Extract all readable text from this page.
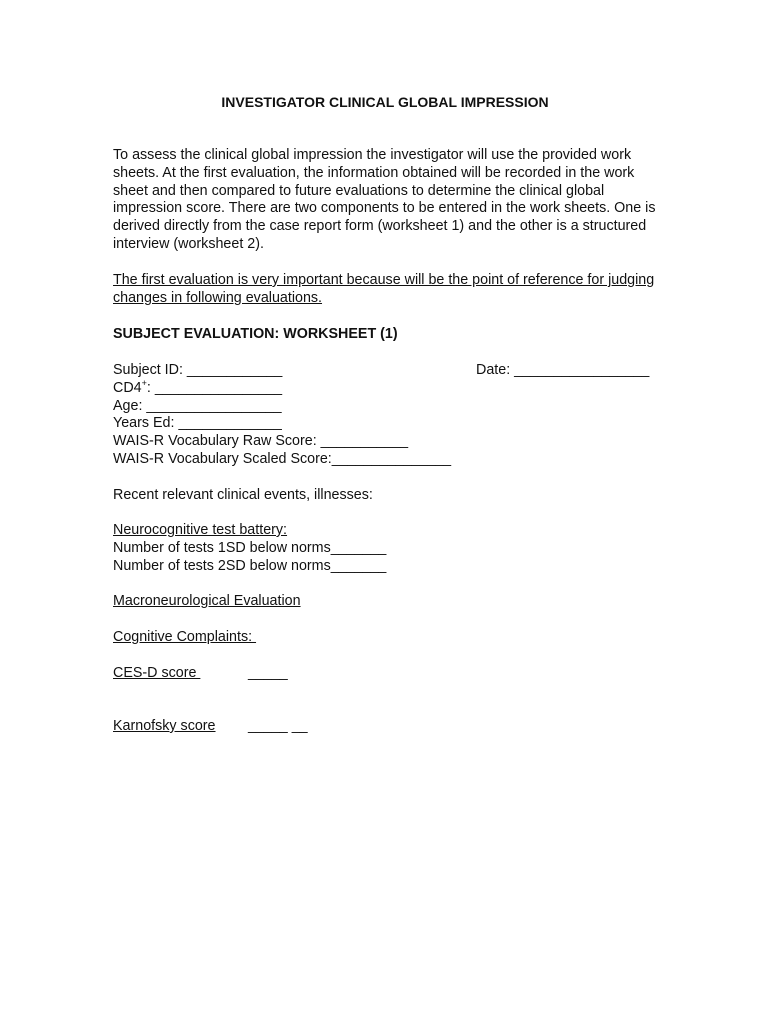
INVESTIGATOR CLINICAL GLOBAL IMPRESSION
To assess the clinical global impression the investigator will use the provided work sheets. At the first evaluation, the information obtained will be recorded in the work sheet and then compared to future evaluations to determine the clinical global impression score. There are two components to be entered in the work sheets. One is derived directly from the case report form (worksheet 1) and the other is a structured interview (worksheet 2).
The first evaluation is very important because will be the point of reference for judging changes in following evaluations.
SUBJECT EVALUATION: WORKSHEET (1)
Subject ID: ____________	Date: _________________
CD4+: ________________
Age: _________________
Years Ed: _____________
WAIS-R Vocabulary Raw Score: ___________
WAIS-R Vocabulary Scaled Score:_______________
Recent relevant clinical events, illnesses:
Neurocognitive test battery:
Number of tests 1SD below norms_______
Number of tests 2SD below norms_______
Macroneurological Evaluation
Cognitive Complaints:
CES-D score	_____
Karnofsky score _____ __
